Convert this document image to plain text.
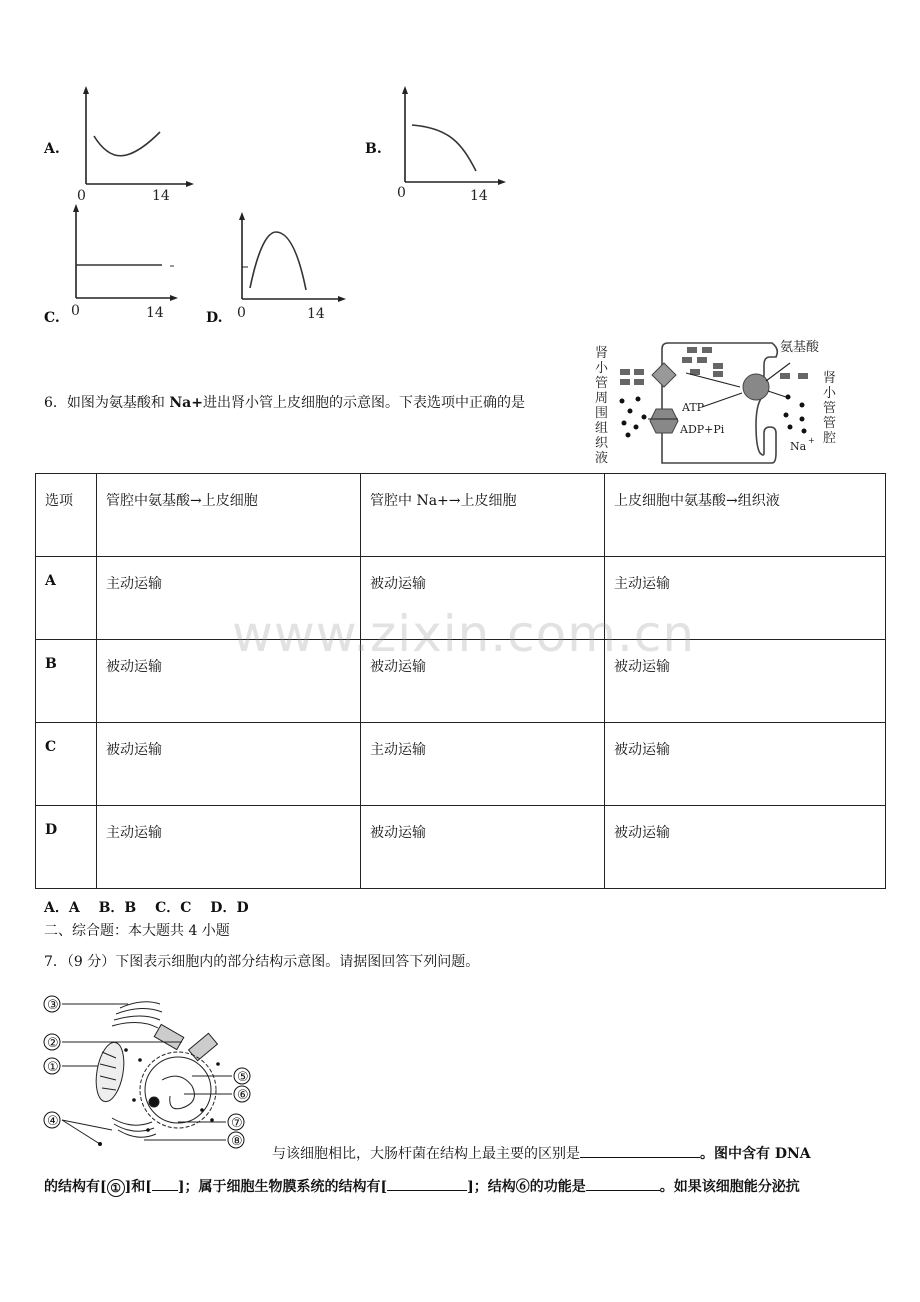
A.
0	14
B.
0	14
C. 0	14	D. 0	14
6．如图为氨基酸和 Na+进出肾小管上皮细胞的示意图。下表选项中正确的是
肾
小
管
周
围
组
织
液
肾
小
管
管
腔
氨基酸
ATP
ADP+Pi
Na +
选项	管腔中氨基酸→上皮细胞	管腔中 Na+→上皮细胞	上皮细胞中氨基酸→组织液
A	主动运输	被动运输	主动运输
B	被动运输	被动运输	被动运输
C	被动运输	主动运输	被动运输
D	主动运输	被动运输	被动运输
www.zixin.com.cn
A．A　 B．B　 C．C　 D．D
二、综合题：本大题共 4 小题
7．（9 分）下图表示细胞内的部分结构示意图。请据图回答下列问题。
③
②
①
⑤
⑥
④	⑦
⑧
与该细胞相比，大肠杆菌在结构上最主要的区别是	。图中含有 DNA
的结构有[ ① ]和[ ]；属于细胞生物膜系统的结构有[	]；结构⑥的功能是	。如果该细胞能分泌抗
